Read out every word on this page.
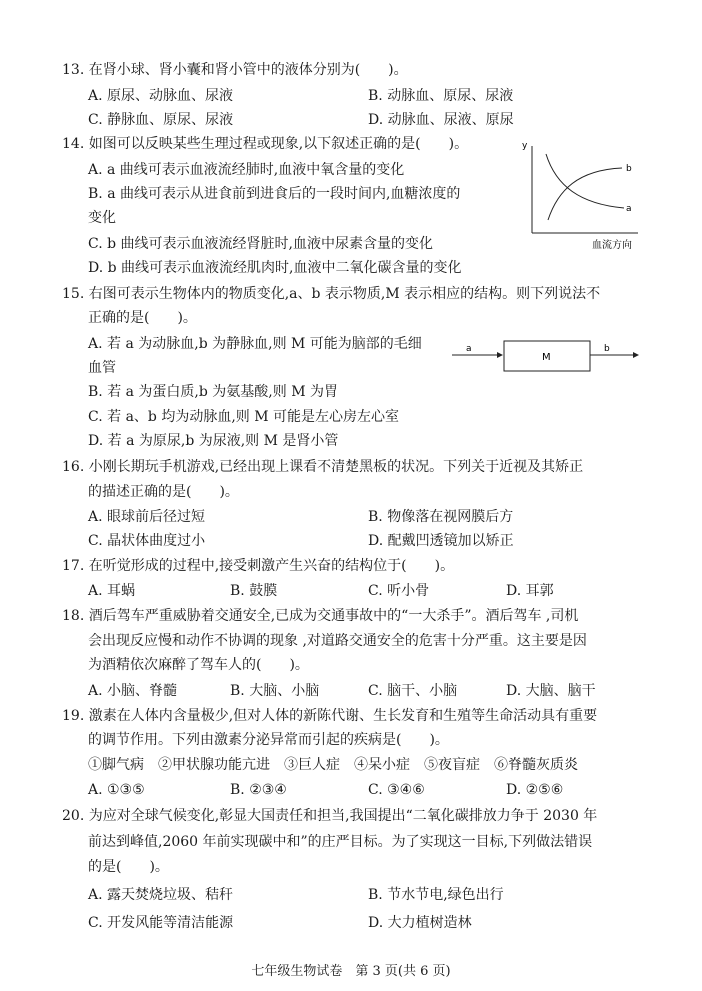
13. 在肾小球、肾小囊和肾小管中的液体分别为(　　)。
A. 原尿、动脉血、尿液	B. 动脉血、原尿、尿液
C. 静脉血、原尿、尿液	D. 动脉血、尿液、原尿
14. 如图可以反映某些生理过程或现象,以下叙述正确的是(　　)。
A. a 曲线可表示血液流经肺时,血液中氧含量的变化
B. a 曲线可表示从进食前到进食后的一段时间内,血糖浓度的
变化
C. b 曲线可表示血液流经肾脏时,血液中尿素含量的变化
D. b 曲线可表示血液流经肌肉时,血液中二氧化碳含量的变化
y
b
a
血流方向
15. 右图可表示生物体内的物质变化,a、b 表示物质,M 表示相应的结构。则下列说法不
正确的是(　　)。
A. 若 a 为动脉血,b 为静脉血,则 M 可能为脑部的毛细
血管
B. 若 a 为蛋白质,b 为氨基酸,则 M 为胃
C. 若 a、b 均为动脉血,则 M 可能是左心房左心室
D. 若 a 为原尿,b 为尿液,则 M 是肾小管
a
M
b
16. 小刚长期玩手机游戏,已经出现上课看不清楚黑板的状况。下列关于近视及其矫正
的描述正确的是(　　)。
A. 眼球前后径过短	B. 物像落在视网膜后方
C. 晶状体曲度过小	D. 配戴凹透镜加以矫正
17. 在听觉形成的过程中,接受刺激产生兴奋的结构位于(　　)。
A. 耳蜗	B. 鼓膜	C. 听小骨	D. 耳郭
18. 酒后驾车严重威胁着交通安全,已成为交通事故中的“一大杀手”。酒后驾车 ,司机
会出现反应慢和动作不协调的现象 ,对道路交通安全的危害十分严重。这主要是因
为酒精依次麻醉了驾车人的(　　)。
A. 小脑、脊髓	B. 大脑、小脑	C. 脑干、小脑	D. 大脑、脑干
19. 激素在人体内含量极少,但对人体的新陈代谢、生长发育和生殖等生命活动具有重要
的调节作用。下列由激素分泌异常而引起的疾病是(　　)。
①脚气病　②甲状腺功能亢进　③巨人症　④呆小症　⑤夜盲症　⑥脊髓灰质炎
A. ①③⑤	B. ②③④	C. ③④⑥	D. ②⑤⑥
20. 为应对全球气候变化,彰显大国责任和担当,我国提出“二氧化碳排放力争于 2030 年
前达到峰值,2060 年前实现碳中和”的庄严目标。为了实现这一目标,下列做法错误
的是(　　)。
A. 露天焚烧垃圾、秸秆	B. 节水节电,绿色出行
C. 开发风能等清洁能源	D. 大力植树造林
七年级生物试卷　第 3 页(共 6 页)
